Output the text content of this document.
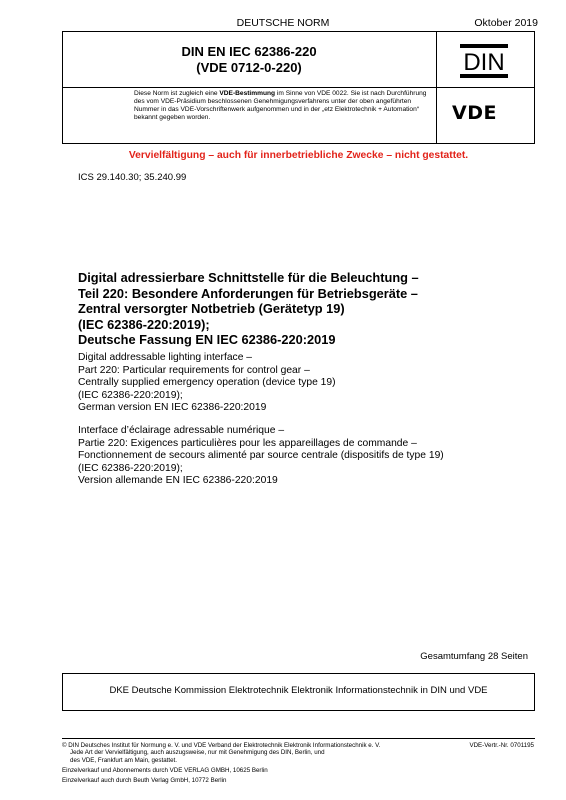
DEUTSCHE NORM	Oktober 2019
DIN EN IEC 62386-220
(VDE 0712-0-220)	DIN
Diese Norm ist zugleich eine VDE-Bestimmung im Sinne von VDE 0022. Sie ist nach Durchführung des vom VDE-Präsidium beschlossenen Genehmigungsverfahrens unter der oben angeführten Nummer in das VDE-Vorschriftenwerk aufgenommen und in der „etz Elektrotechnik + Automation“ bekannt gegeben worden.	VDE
Vervielfältigung – auch für innerbetriebliche Zwecke – nicht gestattet.
ICS 29.140.30; 35.240.99
Digital adressierbare Schnittstelle für die Beleuchtung –
Teil 220: Besondere Anforderungen für Betriebsgeräte –
Zentral versorgter Notbetrieb (Gerätetyp 19)
(IEC 62386-220:2019);
Deutsche Fassung EN IEC 62386-220:2019
Digital addressable lighting interface –
Part 220: Particular requirements for control gear –
Centrally supplied emergency operation (device type 19)
(IEC 62386-220:2019);
German version EN IEC 62386-220:2019
Interface d’éclairage adressable numérique –
Partie 220: Exigences particulières pour les appareillages de commande –
Fonctionnement de secours alimenté par source centrale (dispositifs de type 19)
(IEC 62386-220:2019);
Version allemande EN IEC 62386-220:2019
Gesamtumfang 28 Seiten
DKE Deutsche Kommission Elektrotechnik Elektronik Informationstechnik in DIN und VDE
© DIN Deutsches Institut für Normung e. V. und VDE Verband der Elektrotechnik Elektronik Informationstechnik e. V.
Jede Art der Vervielfältigung, auch auszugsweise, nur mit Genehmigung des DIN, Berlin, und
des VDE, Frankfurt am Main, gestattet.
VDE-Vertr.-Nr. 0701195
Einzelverkauf und Abonnements durch VDE VERLAG GMBH, 10625 Berlin
Einzelverkauf auch durch Beuth Verlag GmbH, 10772 Berlin
